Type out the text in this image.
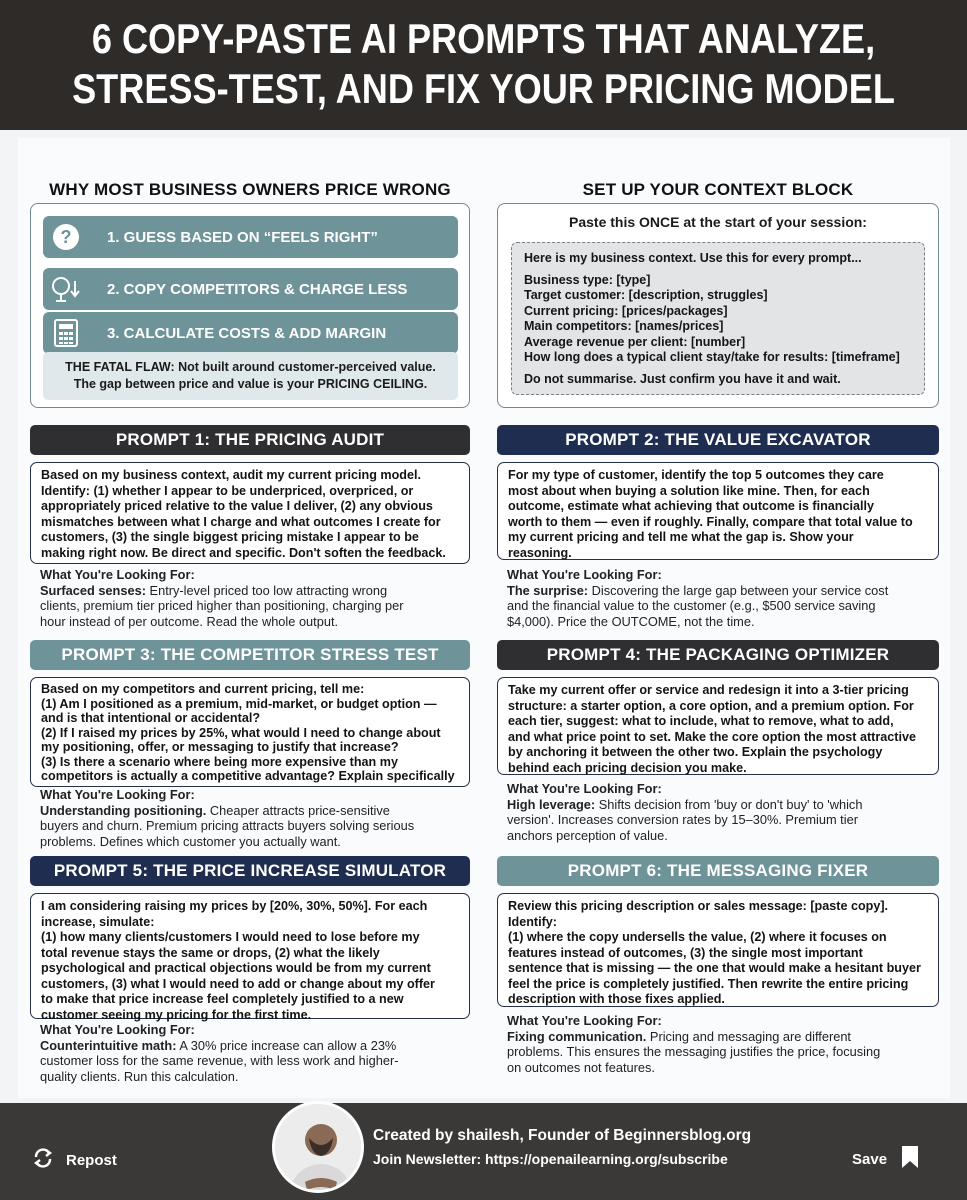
6 COPY-PASTE AI PROMPTS THAT ANALYZE,
STRESS-TEST, AND FIX YOUR PRICING MODEL
WHY MOST BUSINESS OWNERS PRICE WRONG
? 1. GUESS BASED ON “FEELS RIGHT”
2. COPY COMPETITORS & CHARGE LESS
3. CALCULATE COSTS & ADD MARGIN
THE FATAL FLAW: Not built around customer-perceived value.
The gap between price and value is your PRICING CEILING.
SET UP YOUR CONTEXT BLOCK
Paste this ONCE at the start of your session:
Here is my business context. Use this for every prompt...
Business type: [type]
Target customer: [description, struggles]
Current pricing: [prices/packages]
Main competitors: [names/prices]
Average revenue per client: [number]
How long does a typical client stay/take for results: [timeframe]
Do not summarise. Just confirm you have it and wait.
PROMPT 1: THE PRICING AUDIT
Based on my business context, audit my current pricing model.
Identify: (1) whether I appear to be underpriced, overpriced, or
appropriately priced relative to the value I deliver, (2) any obvious
mismatches between what I charge and what outcomes I create for
customers, (3) the single biggest pricing mistake I appear to be
making right now. Be direct and specific. Don't soften the feedback.
What You're Looking For:
Surfaced senses: Entry-level priced too low attracting wrong
clients, premium tier priced higher than positioning, charging per
hour instead of per outcome. Read the whole output.
PROMPT 2: THE VALUE EXCAVATOR
For my type of customer, identify the top 5 outcomes they care
most about when buying a solution like mine. Then, for each
outcome, estimate what achieving that outcome is financially
worth to them — even if roughly. Finally, compare that total value to
my current pricing and tell me what the gap is. Show your
reasoning.
What You're Looking For:
The surprise: Discovering the large gap between your service cost
and the financial value to the customer (e.g., $500 service saving
$4,000). Price the OUTCOME, not the time.
PROMPT 3: THE COMPETITOR STRESS TEST
Based on my competitors and current pricing, tell me:
(1) Am I positioned as a premium, mid-market, or budget option —
and is that intentional or accidental?
(2) If I raised my prices by 25%, what would I need to change about
my positioning, offer, or messaging to justify that increase?
(3) Is there a scenario where being more expensive than my
competitors is actually a competitive advantage? Explain specifically
What You're Looking For:
Understanding positioning. Cheaper attracts price-sensitive
buyers and churn. Premium pricing attracts buyers solving serious
problems. Defines which customer you actually want.
PROMPT 4: THE PACKAGING OPTIMIZER
Take my current offer or service and redesign it into a 3-tier pricing
structure: a starter option, a core option, and a premium option. For
each tier, suggest: what to include, what to remove, what to add,
and what price point to set. Make the core option the most attractive
by anchoring it between the other two. Explain the psychology
behind each pricing decision you make.
What You're Looking For:
High leverage: Shifts decision from 'buy or don't buy' to 'which
version'. Increases conversion rates by 15–30%. Premium tier
anchors perception of value.
PROMPT 5: THE PRICE INCREASE SIMULATOR
I am considering raising my prices by [20%, 30%, 50%]. For each
increase, simulate:
(1) how many clients/customers I would need to lose before my
total revenue stays the same or drops, (2) what the likely
psychological and practical objections would be from my current
customers, (3) what I would need to add or change about my offer
to make that price increase feel completely justified to a new
customer seeing my pricing for the first time.
What You're Looking For:
Counterintuitive math: A 30% price increase can allow a 23%
customer loss for the same revenue, with less work and higher-
quality clients. Run this calculation.
PROMPT 6: THE MESSAGING FIXER
Review this pricing description or sales message: [paste copy].
Identify:
(1) where the copy undersells the value, (2) where it focuses on
features instead of outcomes, (3) the single most important
sentence that is missing — the one that would make a hesitant buyer
feel the price is completely justified. Then rewrite the entire pricing
description with those fixes applied.
What You're Looking For:
Fixing communication. Pricing and messaging are different
problems. This ensures the messaging justifies the price, focusing
on outcomes not features.
Repost
Created by shailesh, Founder of Beginnersblog.org
Join Newsletter: https://openailearning.org/subscribe	Save
